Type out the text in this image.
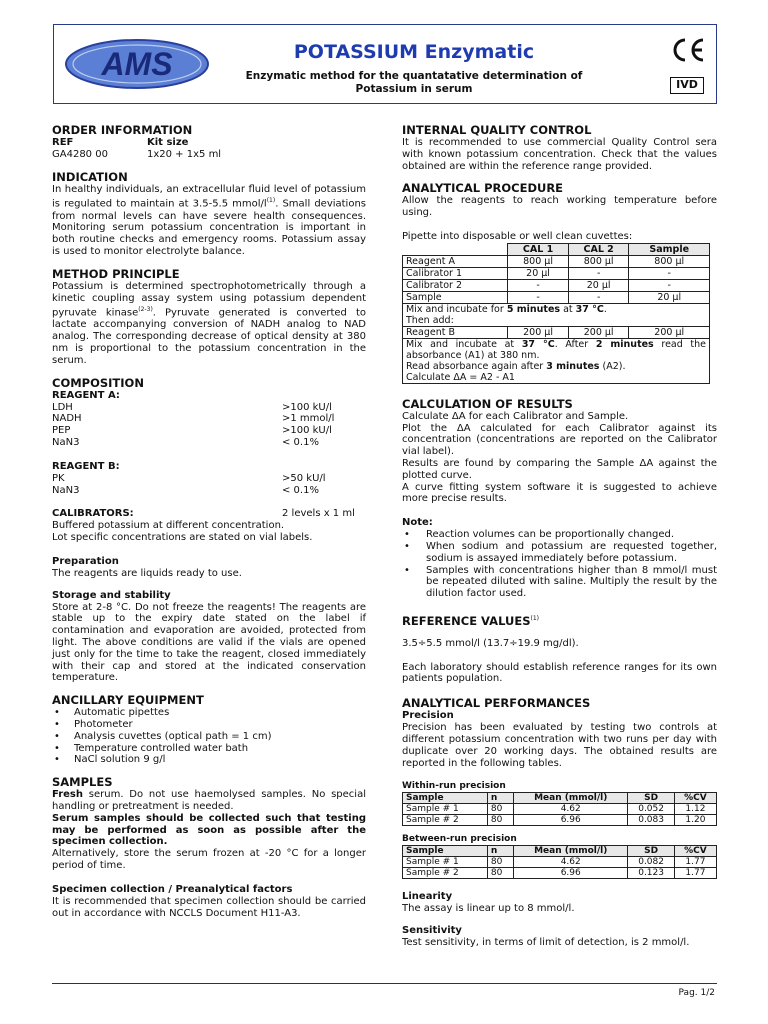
AMS	POTASSIUM Enzymatic
Enzymatic method for the quantatative determination of
Potassium in serum	IVD
ORDER INFORMATION
REF	Kit size
GA4280 00	1x20 + 1x5 ml
INDICATION

In healthy individuals, an extracellular fluid level of potassium is regulated to maintain at 3.5-5.5 mmol/$l^{(1)}$. Small deviations from normal levels can have severe health consequences. Monitoring serum potassium concentration is important in both routine checks and emergency rooms. Potassium assay is used to monitor electrolyte balance.

METHOD PRINCIPLE

Potassium is determined spectrophotometrically through a kinetic coupling assay system using potassium dependent pyruvate kinase$^{(2-3)}$. Pyruvate generated is converted to lactate accompanying conversion of NADH analog to NAD analog. The corresponding decrease of optical density at 380 nm is proportional to the potassium concentration in the serum.

COMPOSITION
REAGENT A:
LDH	>100 kU/l
NADH	>1 mmol/l
PEP	>100 kU/l
NaN3	< 0.1%
REAGENT B:
PK	>50 kU/l
NaN3	< 0.1%
CALIBRATORS:	2 levels x 1 ml
Buffered potassium at different concentration.
Lot specific concentrations are stated on vial labels.
Preparation

The reagents are liquids ready to use.

Storage and stability

Store at 2-8 °C. Do not freeze the reagents! The reagents are stable up to the expiry date stated on the label if contamination and evaporation are avoided, protected from light. The above conditions are valid if the vials are opened just only for the time to take the reagent, closed immediately with their cap and stored at the indicated conservation temperature.

ANCILLARY EQUIPMENT
• Automatic pipettes
• Photometer
• Analysis cuvettes (optical path = 1 cm)
• Temperature controlled water bath
• NaCl solution 9 g/l
SAMPLES

Fresh serum. Do not use haemolysed samples. No special handling or pretreatment is needed.

Serum samples should be collected such that testing may be performed as soon as possible after the specimen collection.

Alternatively, store the serum frozen at -20 °C for a longer period of time.

Specimen collection / Preanalytical factors

It is recommended that specimen collection should be carried out in accordance with NCCLS Document H11-A3.

INTERNAL QUALITY CONTROL

It is recommended to use commercial Quality Control sera with known potassium concentration. Check that the values obtained are within the reference range provided.

ANALYTICAL PROCEDURE

Allow the reagents to reach working temperature before using.

Pipette into disposable or well clean cuvettes:

	CAL 1	CAL 2	Sample
Reagent A	800 µl	800 µl	800 µl
Calibrator 1	20 µl	-	-
Calibrator 2	-	20 µl	-
Sample	-	-	20 µl

Mix and incubate for 5 minutes at 37 °C.
Then add:			

Reagent B	200 µl	200 µl	200 µl

Mix and incubate at 37 °C. After 2 minutes read the absorbance (A1) at 380 nm.
Read absorbance again after 3 minutes (A2).
Calculate ΔA = A2 - A1			
CALCULATION OF RESULTS

Calculate ΔA for each Calibrator and Sample.

Plot the ΔA calculated for each Calibrator against its concentration (concentrations are reported on the Calibrator vial label).

Results are found by comparing the Sample ΔA against the plotted curve.

A curve fitting system software it is suggested to achieve more precise results.

Note:
• Reaction volumes can be proportionally changed.
• When sodium and potassium are requested together, sodium is assayed immediately before potassium.
• Samples with concentrations higher than 8 mmol/l must be repeated diluted with saline. Multiply the result by the dilution factor used.
REFERENCE VALUES$^{(1)}$

3.5÷5.5 mmol/l (13.7÷19.9 mg/dl).

Each laboratory should establish reference ranges for its own patients population.

ANALYTICAL PERFORMANCES
Precision

Precision has been evaluated by testing two controls at different potassium concentration with two runs per day with duplicate over 20 working days. The obtained results are reported in the following tables.

Within-run precision
Sample	n	Mean (mmol/l)	SD	%CV
Sample # 1	80	4.62	0.052	1.12
Sample # 2	80	6.96	0.083	1.20
Between-run precision
Sample	n	Mean (mmol/l)	SD	%CV
Sample # 1	80	4.62	0.082	1.77
Sample # 2	80	6.96	0.123	1.77
Linearity

The assay is linear up to 8 mmol/l.

Sensitivity

Test sensitivity, in terms of limit of detection, is 2 mmol/l.

Pag. 1/2
